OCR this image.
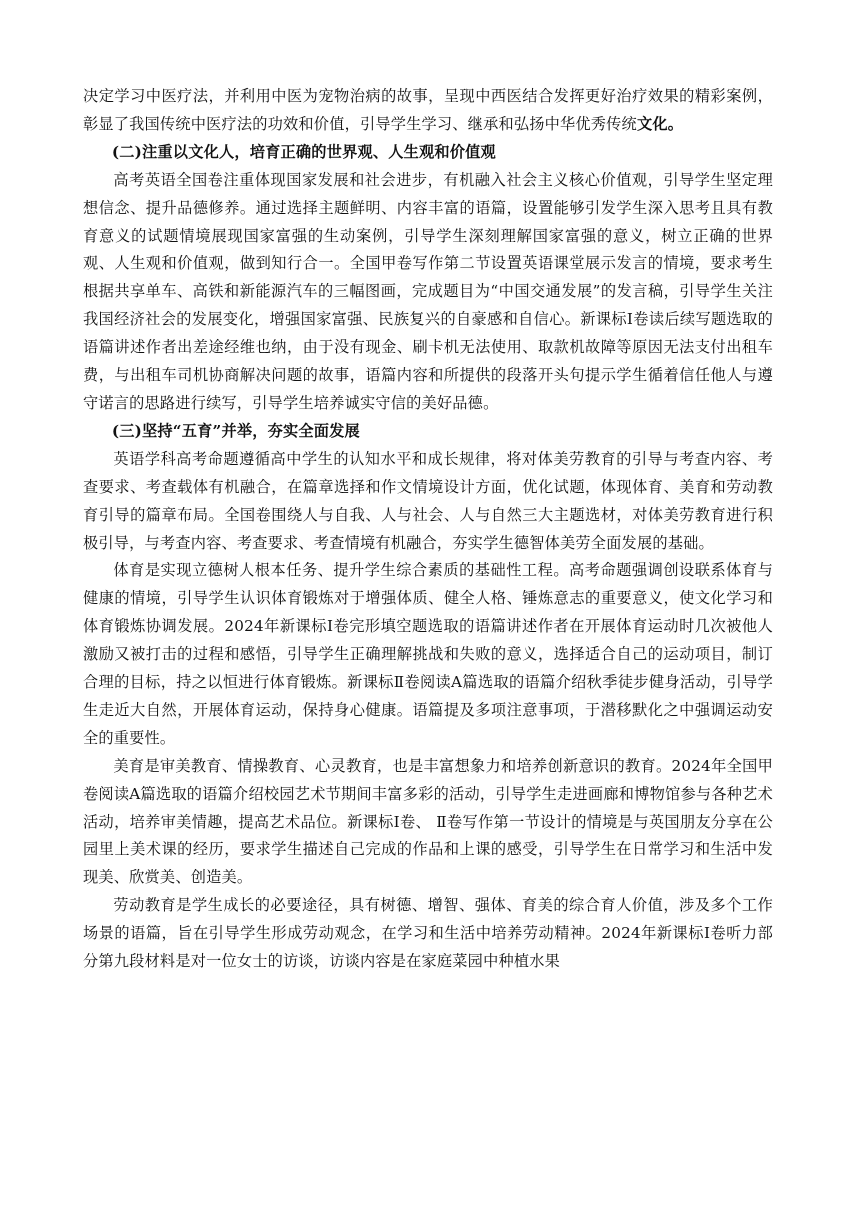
决定学习中医疗法，并利用中医为宠物治病的故事，呈现中西医结合发挥更好治疗效果的精彩案例，彰显了我国传统中医疗法的功效和价值，引导学生学习、继承和弘扬中华优秀传统文化。

(二)注重以文化人，培育正确的世界观、人生观和价值观

高考英语全国卷注重体现国家发展和社会进步，有机融入社会主义核心价值观，引导学生坚定理想信念、提升品德修养。通过选择主题鲜明、内容丰富的语篇，设置能够引发学生深入思考且具有教育意义的试题情境展现国家富强的生动案例，引导学生深刻理解国家富强的意义，树立正确的世界观、人生观和价值观，做到知行合一。全国甲卷写作第二节设置英语课堂展示发言的情境，要求考生根据共享单车、高铁和新能源汽车的三幅图画，完成题目为“中国交通发展”的发言稿，引导学生关注我国经济社会的发展变化，增强国家富强、民族复兴的自豪感和自信心。新课标Ⅰ卷读后续写题选取的语篇讲述作者出差途经维也纳，由于没有现金、刷卡机无法使用、取款机故障等原因无法支付出租车费，与出租车司机协商解决问题的故事，语篇内容和所提供的段落开头句提示学生循着信任他人与遵守诺言的思路进行续写，引导学生培养诚实守信的美好品德。

(三)坚持“五育”并举，夯实全面发展

英语学科高考命题遵循高中学生的认知水平和成长规律，将对体美劳教育的引导与考查内容、考查要求、考查载体有机融合，在篇章选择和作文情境设计方面，优化试题，体现体育、美育和劳动教育引导的篇章布局。全国卷围绕人与自我、人与社会、人与自然三大主题选材，对体美劳教育进行积极引导，与考查内容、考查要求、考查情境有机融合，夯实学生德智体美劳全面发展的基础。

体育是实现立德树人根本任务、提升学生综合素质的基础性工程。高考命题强调创设联系体育与健康的情境，引导学生认识体育锻炼对于增强体质、健全人格、锤炼意志的重要意义，使文化学习和体育锻炼协调发展。2024年新课标Ⅰ卷完形填空题选取的语篇讲述作者在开展体育运动时几次被他人激励又被打击的过程和感悟，引导学生正确理解挑战和失败的意义，选择适合自己的运动项目，制订合理的目标，持之以恒进行体育锻炼。新课标Ⅱ卷阅读A篇选取的语篇介绍秋季徒步健身活动，引导学生走近大自然，开展体育运动，保持身心健康。语篇提及多项注意事项，于潜移默化之中强调运动安全的重要性。

美育是审美教育、情操教育、心灵教育，也是丰富想象力和培养创新意识的教育。2024年全国甲卷阅读A篇选取的语篇介绍校园艺术节期间丰富多彩的活动，引导学生走进画廊和博物馆参与各种艺术活动，培养审美情趣，提高艺术品位。新课标Ⅰ卷、 Ⅱ卷写作第一节设计的情境是与英国朋友分享在公园里上美术课的经历，要求学生描述自己完成的作品和上课的感受，引导学生在日常学习和生活中发现美、欣赏美、创造美。

劳动教育是学生成长的必要途径，具有树德、增智、强体、育美的综合育人价值，涉及多个工作场景的语篇，旨在引导学生形成劳动观念，在学习和生活中培养劳动精神。2024年新课标Ⅰ卷听力部分第九段材料是对一位女士的访谈，访谈内容是在家庭菜园中种植水果
